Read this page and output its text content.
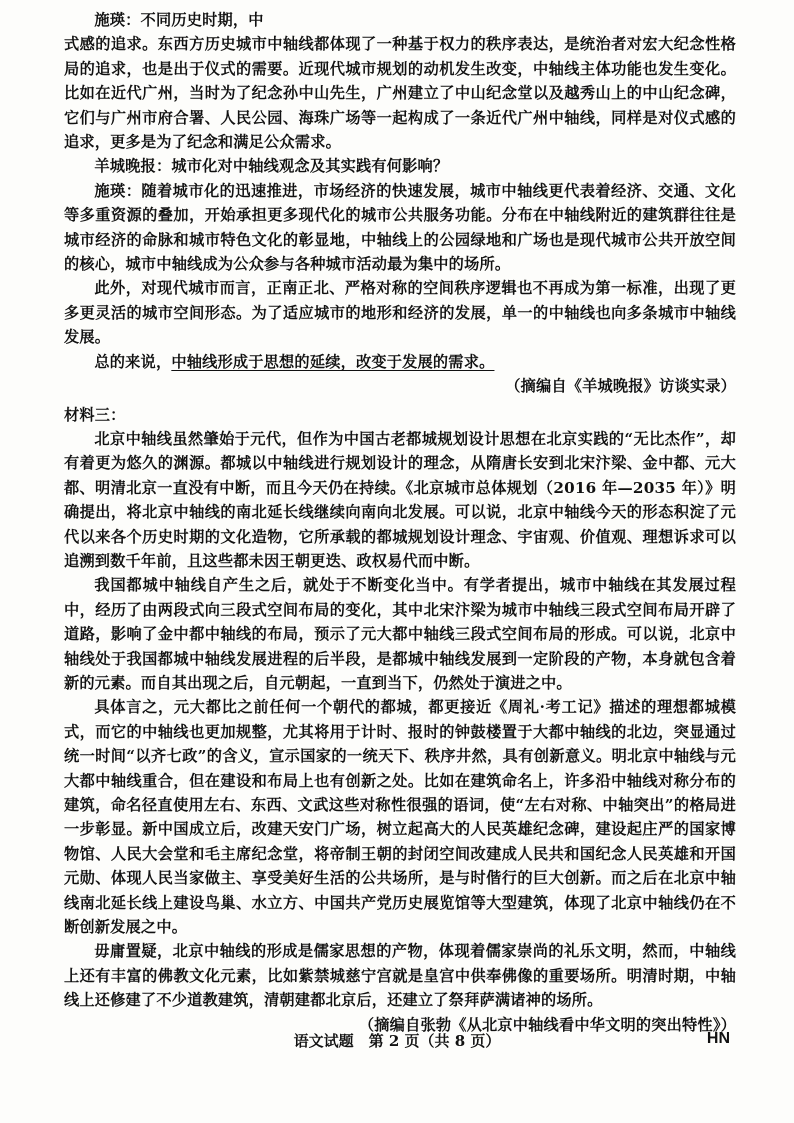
施瑛：不同历史时期，中

式感的追求。东西方历史城市中轴线都体现了一种基于权力的秩序表达，是统治者对宏大纪念性格局的追求，也是出于仪式的需要。近现代城市规划的动机发生改变，中轴线主体功能也发生变化。比如在近代广州，当时为了纪念孙中山先生，广州建立了中山纪念堂以及越秀山上的中山纪念碑，它们与广州市府合署、人民公园、海珠广场等一起构成了一条近代广州中轴线，同样是对仪式感的追求，更多是为了纪念和满足公众需求。

羊城晚报：城市化对中轴线观念及其实践有何影响？

施瑛：随着城市化的迅速推进，市场经济的快速发展，城市中轴线更代表着经济、交通、文化等多重资源的叠加，开始承担更多现代化的城市公共服务功能。分布在中轴线附近的建筑群往往是城市经济的命脉和城市特色文化的彰显地，中轴线上的公园绿地和广场也是现代城市公共开放空间的核心，城市中轴线成为公众参与各种城市活动最为集中的场所。

此外，对现代城市而言，正南正北、严格对称的空间秩序逻辑也不再成为第一标准，出现了更多更灵活的城市空间形态。为了适应城市的地形和经济的发展，单一的中轴线也向多条城市中轴线发展。

总的来说，中轴线形成于思想的延续，改变于发展的需求。

（摘编自《羊城晚报》访谈实录）

材料三：

北京中轴线虽然肇始于元代，但作为中国古老都城规划设计思想在北京实践的“无比杰作”，却有着更为悠久的渊源。都城以中轴线进行规划设计的理念，从隋唐长安到北宋汴梁、金中都、元大都、明清北京一直没有中断，而且今天仍在持续。《北京城市总体规划（2016 年—2035 年）》明确提出，将北京中轴线的南北延长线继续向南向北发展。可以说，北京中轴线今天的形态积淀了元代以来各个历史时期的文化造物，它所承载的都城规划设计理念、宇宙观、价值观、理想诉求可以追溯到数千年前，且这些都未因王朝更迭、政权易代而中断。

我国都城中轴线自产生之后，就处于不断变化当中。有学者提出，城市中轴线在其发展过程中，经历了由两段式向三段式空间布局的变化，其中北宋汴梁为城市中轴线三段式空间布局开辟了道路，影响了金中都中轴线的布局，预示了元大都中轴线三段式空间布局的形成。可以说，北京中轴线处于我国都城中轴线发展进程的后半段，是都城中轴线发展到一定阶段的产物，本身就包含着新的元素。而自其出现之后，自元朝起，一直到当下，仍然处于演进之中。

具体言之，元大都比之前任何一个朝代的都城，都更接近《周礼·考工记》描述的理想都城模式，而它的中轴线也更加规整，尤其将用于计时、报时的钟鼓楼置于大都中轴线的北边，突显通过统一时间“以齐七政”的含义，宣示国家的一统天下、秩序井然，具有创新意义。明北京中轴线与元大都中轴线重合，但在建设和布局上也有创新之处。比如在建筑命名上，许多沿中轴线对称分布的建筑，命名径直使用左右、东西、文武这些对称性很强的语词，使“左右对称、中轴突出”的格局进一步彰显。新中国成立后，改建天安门广场，树立起高大的人民英雄纪念碑，建设起庄严的国家博物馆、人民大会堂和毛主席纪念堂，将帝制王朝的封闭空间改建成人民共和国纪念人民英雄和开国元勋、体现人民当家做主、享受美好生活的公共场所，是与时偕行的巨大创新。而之后在北京中轴线南北延长线上建设鸟巢、水立方、中国共产党历史展览馆等大型建筑，体现了北京中轴线仍在不断创新发展之中。

毋庸置疑，北京中轴线的形成是儒家思想的产物，体现着儒家崇尚的礼乐文明，然而，中轴线上还有丰富的佛教文化元素，比如紫禁城慈宁宫就是皇宫中供奉佛像的重要场所。明清时期，中轴线上还修建了不少道教建筑，清朝建都北京后，还建立了祭拜萨满诸神的场所。

（摘编自张勃《从北京中轴线看中华文明的突出特性》）

语文试题　第 2 页（共 8 页）	HN
